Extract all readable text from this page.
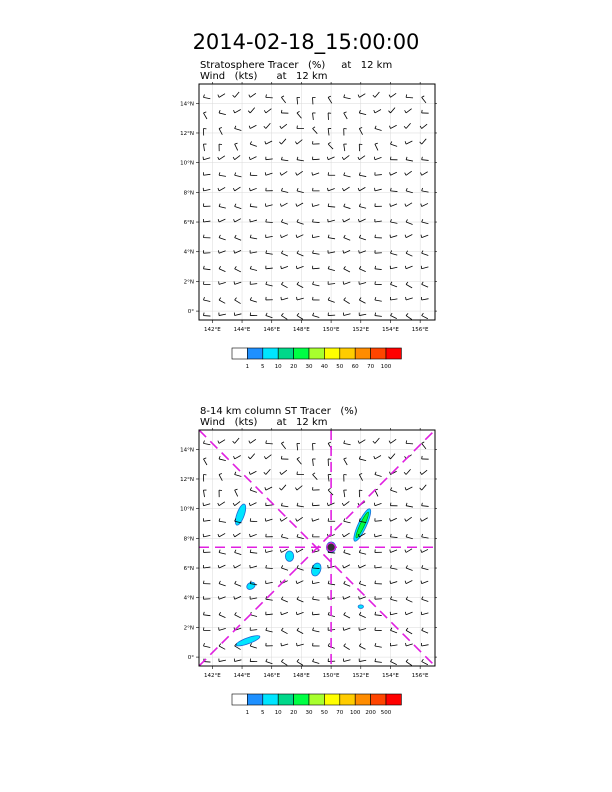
2014-02-18_15:00:00
Stratosphere Tracer   (%)     at   12 km
Wind   (kts)      at   12 km
142°E 144°E 146°E 148°E 150°E 152°E 154°E 156°E
0°
2°N
4°N
6°N
8°N
10°N
12°N
14°N
1 5 10 20 30 40 50 60 70 100
8-14 km column ST Tracer   (%)
Wind   (kts)      at   12 km
142°E 144°E 146°E 148°E 150°E 152°E 154°E 156°E
0°
2°N
4°N
6°N
8°N
10°N
12°N
14°N
1 5 10 20 30 50 70 100 200 500
